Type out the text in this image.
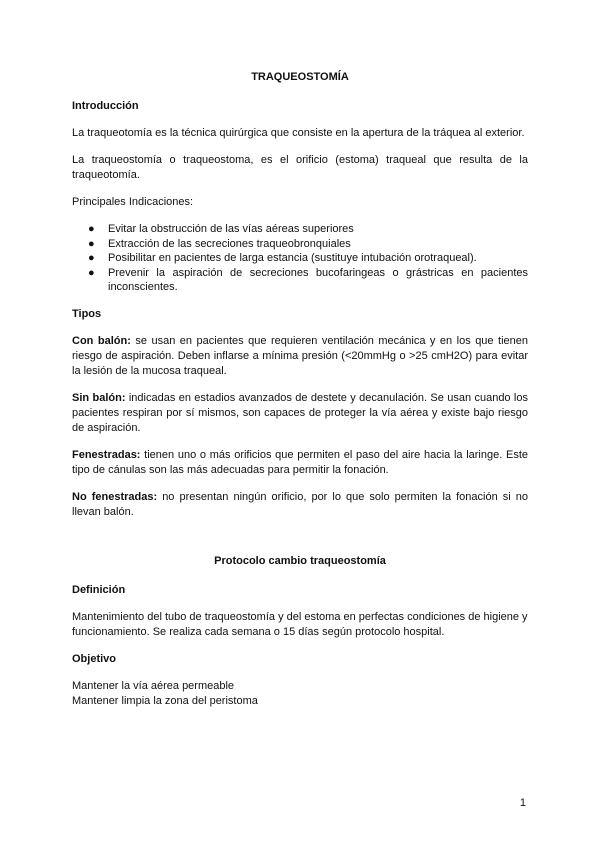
TRAQUEOSTOMÍA
Introducción

La traqueotomía es la técnica quirúrgica que consiste en la apertura de la tráquea al exterior.

La traqueostomía o traqueostoma, es el orificio (estoma) traqueal que resulta de la traqueotomía.

Principales Indicaciones:

● Evitar la obstrucción de las vías aéreas superiores
● Extracción de las secreciones traqueobronquiales
● Posibilitar en pacientes de larga estancia (sustituye intubación orotraqueal).
● Prevenir la aspiración de secreciones bucofaringeas o grástricas en pacientes inconscientes.
Tipos

Con balón: se usan en pacientes que requieren ventilación mecánica y en los que tienen riesgo de aspiración. Deben inflarse a mínima presión (<20mmHg o >25 cmH2O) para evitar la lesión de la mucosa traqueal.

Sin balón: indicadas en estadios avanzados de destete y decanulación. Se usan cuando los pacientes respiran por sí mismos, son capaces de proteger la vía aérea y existe bajo riesgo de aspiración.

Fenestradas: tienen uno o más orificios que permiten el paso del aire hacia la laringe. Este tipo de cánulas son las más adecuadas para permitir la fonación.

No fenestradas: no presentan ningún orificio, por lo que solo permiten la fonación si no llevan balón.

Protocolo cambio traqueostomía
Definición

Mantenimiento del tubo de traqueostomía y del estoma en perfectas condiciones de higiene y funcionamiento. Se realiza cada semana o 15 días según protocolo hospital.

Objetivo

Mantener la vía aérea permeable

Mantener limpia la zona del peristoma

1
